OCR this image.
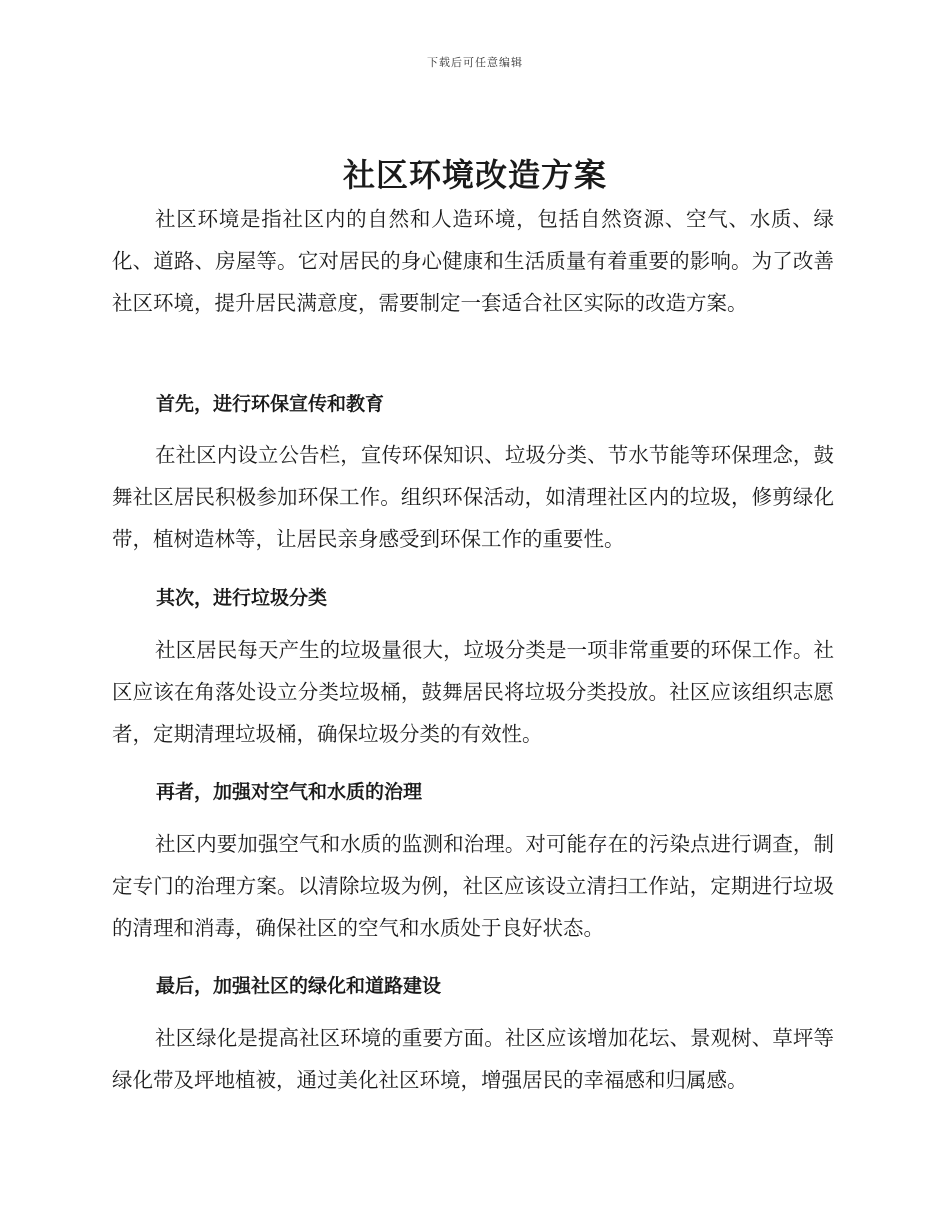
下载后可任意编辑
社区环境改造方案

社区环境是指社区内的自然和人造环境，包括自然资源、空气、水质、绿化、道路、房屋等。它对居民的身心健康和生活质量有着重要的影响。为了改善社区环境，提升居民满意度，需要制定一套适合社区实际的改造方案。

首先，进行环保宣传和教育

在社区内设立公告栏，宣传环保知识、垃圾分类、节水节能等环保理念，鼓舞社区居民积极参加环保工作。组织环保活动，如清理社区内的垃圾，修剪绿化带，植树造林等，让居民亲身感受到环保工作的重要性。

其次，进行垃圾分类

社区居民每天产生的垃圾量很大，垃圾分类是一项非常重要的环保工作。社区应该在角落处设立分类垃圾桶，鼓舞居民将垃圾分类投放。社区应该组织志愿者，定期清理垃圾桶，确保垃圾分类的有效性。

再者，加强对空气和水质的治理

社区内要加强空气和水质的监测和治理。对可能存在的污染点进行调查，制定专门的治理方案。以清除垃圾为例，社区应该设立清扫工作站，定期进行垃圾的清理和消毒，确保社区的空气和水质处于良好状态。

最后，加强社区的绿化和道路建设

社区绿化是提高社区环境的重要方面。社区应该增加花坛、景观树、草坪等绿化带及坪地植被，通过美化社区环境，增强居民的幸福感和归属感。
